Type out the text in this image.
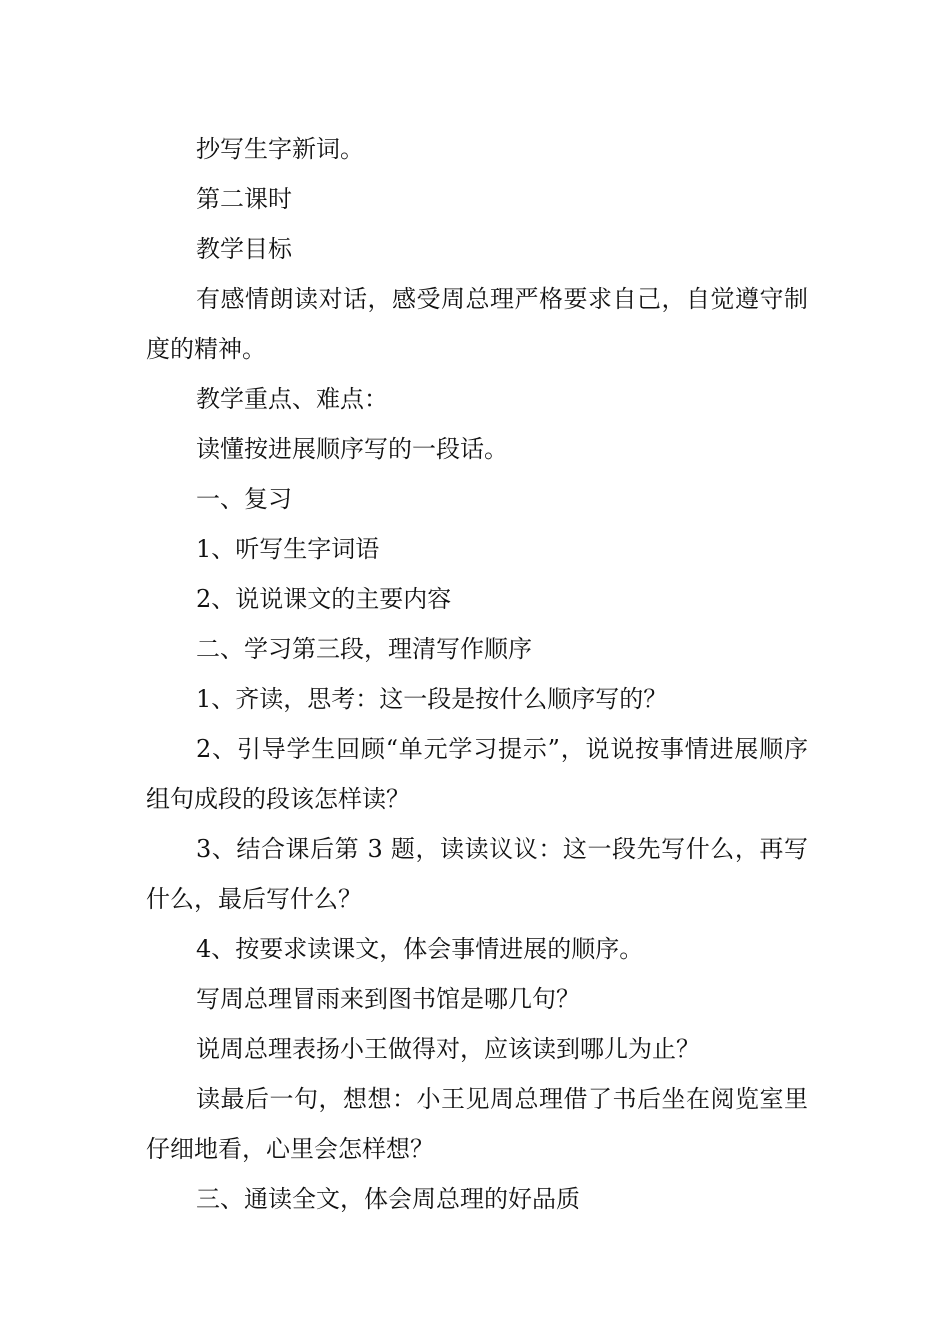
抄写生字新词。

第二课时

教学目标

有感情朗读对话，感受周总理严格要求自己，自觉遵守制度的精神。

教学重点、难点：

读懂按进展顺序写的一段话。

一、复习

1、听写生字词语

2、说说课文的主要内容

二、学习第三段，理清写作顺序

1、齐读，思考：这一段是按什么顺序写的？

2、引导学生回顾“单元学习提示”，说说按事情进展顺序组句成段的段该怎样读？

3、结合课后第 3 题，读读议议：这一段先写什么，再写什么，最后写什么？

4、按要求读课文，体会事情进展的顺序。

写周总理冒雨来到图书馆是哪几句？

说周总理表扬小王做得对，应该读到哪儿为止？

读最后一句，想想：小王见周总理借了书后坐在阅览室里仔细地看，心里会怎样想？

三、通读全文，体会周总理的好品质
